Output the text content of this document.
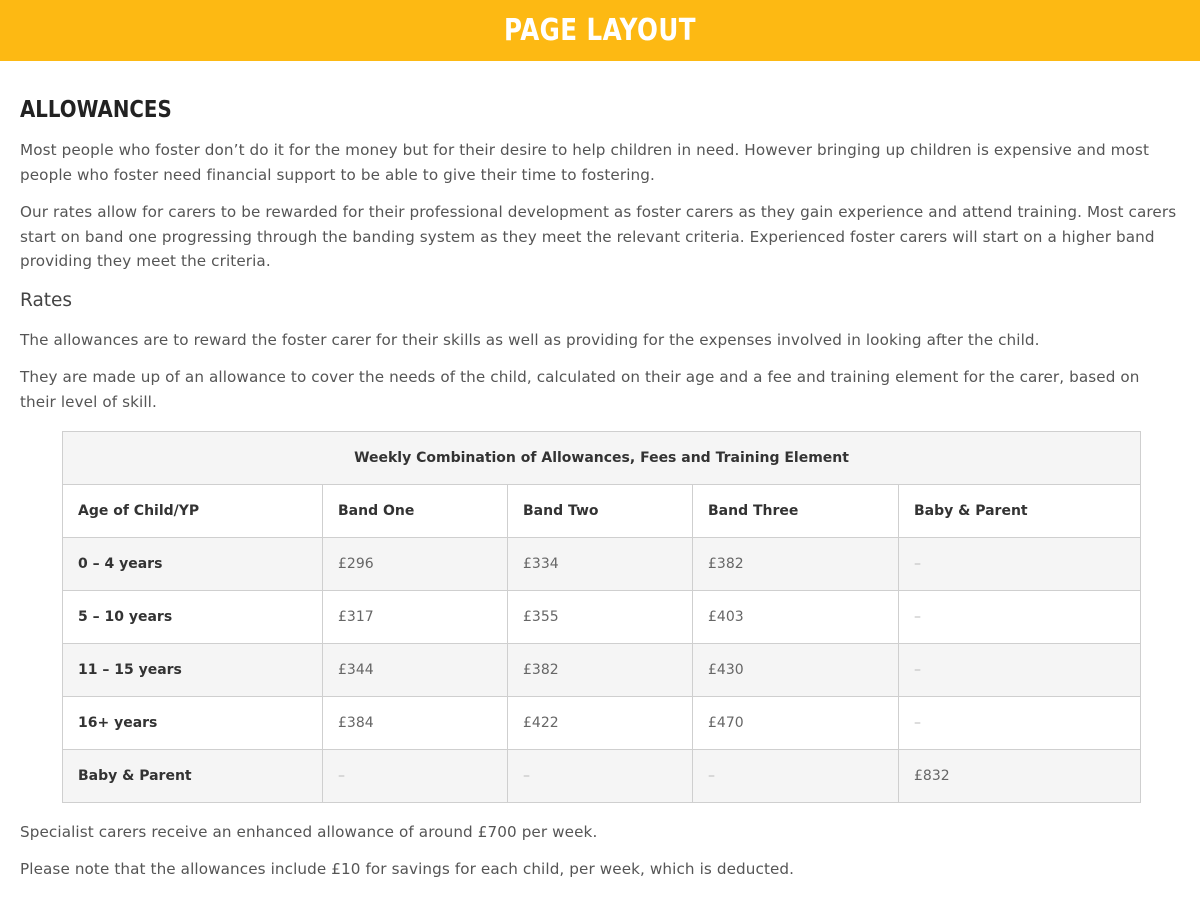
PAGE LAYOUT
ALLOWANCES

Most people who foster don’t do it for the money but for their desire to help children in need. However bringing up children is expensive and most people who foster need financial support to be able to give their time to fostering.

Our rates allow for carers to be rewarded for their professional development as foster carers as they gain experience and attend training. Most carers start on band one progressing through the banding system as they meet the relevant criteria. Experienced foster carers will start on a higher band providing they meet the criteria.

Rates

The allowances are to reward the foster carer for their skills as well as providing for the expenses involved in looking after the child.

They are made up of an allowance to cover the needs of the child, calculated on their age and a fee and training element for the carer, based on their level of skill.

Weekly Combination of Allowances, Fees and Training Element				
Age of Child/YP	Band One	Band Two	Band Three	Baby & Parent
0 – 4 years	£296	£334	£382	–
5 – 10 years	£317	£355	£403	–
11 – 15 years	£344	£382	£430	–
16+ years	£384	£422	£470	–
Baby & Parent	–	–	–	£832

Specialist carers receive an enhanced allowance of around £700 per week.

Please note that the allowances include £10 for savings for each child, per week, which is deducted.
